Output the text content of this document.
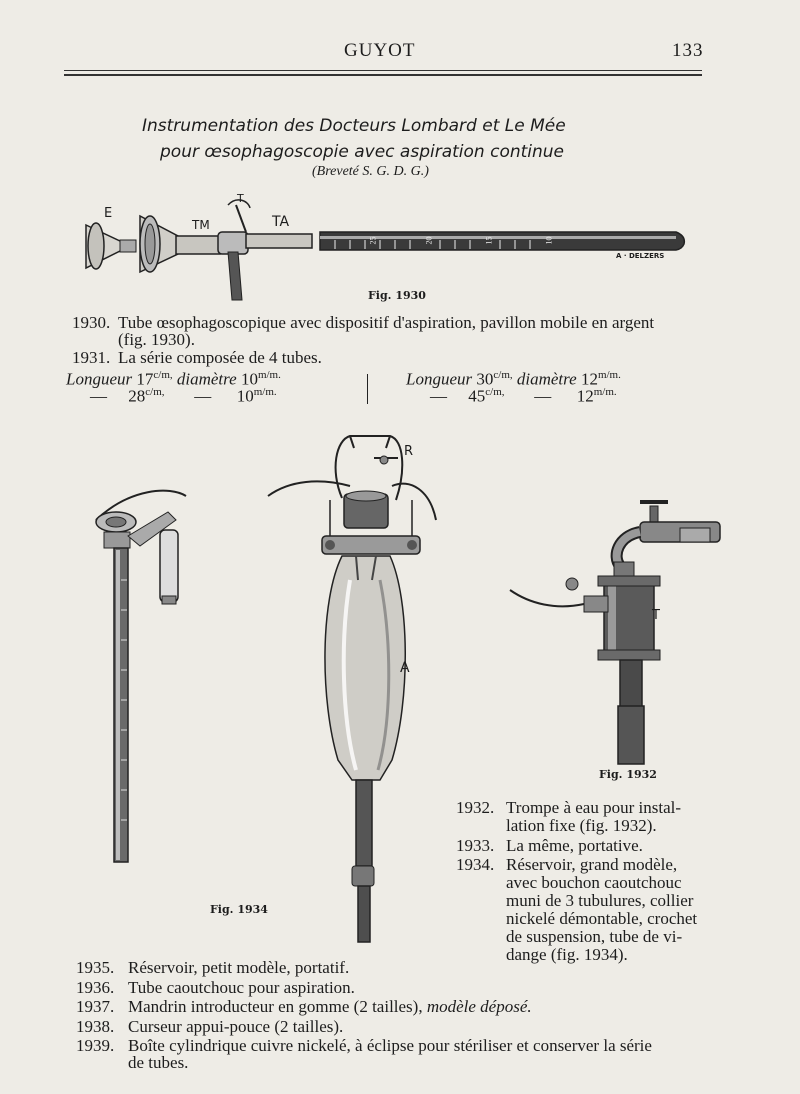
GUYOT	133
Instrumentation des Docteurs Lombard et Le Mée
pour œsophagoscopie avec aspiration continue
(Breveté S. G. D. G.)
E
TM	TA
T
25	20	15	10
A · DELZERS
Fig. 1930
1930. Tube œsophagoscopique avec dispositif d'aspiration, pavillon mobile en argent
(fig. 1930).
1931. La série composée de 4 tubes.
Longueur $17^{c/m,}$ diamètre $10^{m/m.}$
— $28^{c/m,}$ — $10^{m/m.}$
Longueur $30^{c/m,}$ diamètre $12^{m/m.}$
— $45^{c/m,}$ — $12^{m/m.}$
R
A
Fig. 1934
T
Fig. 1932
1932. Trompe à eau pour instal-
lation fixe (fig. 1932).
1933. La même, portative.
1934. Réservoir, grand modèle,
avec bouchon caoutchouc
muni de 3 tubulures, collier
nickelé démontable, crochet
de suspension, tube de vi-
dange (fig. 1934).
1935. Réservoir, petit modèle, portatif.
1936. Tube caoutchouc pour aspiration.
1937. Mandrin introducteur en gomme (2 tailles), modèle déposé.
1938. Curseur appui-pouce (2 tailles).
1939. Boîte cylindrique cuivre nickelé, à éclipse pour stériliser et conserver la série
de tubes.
